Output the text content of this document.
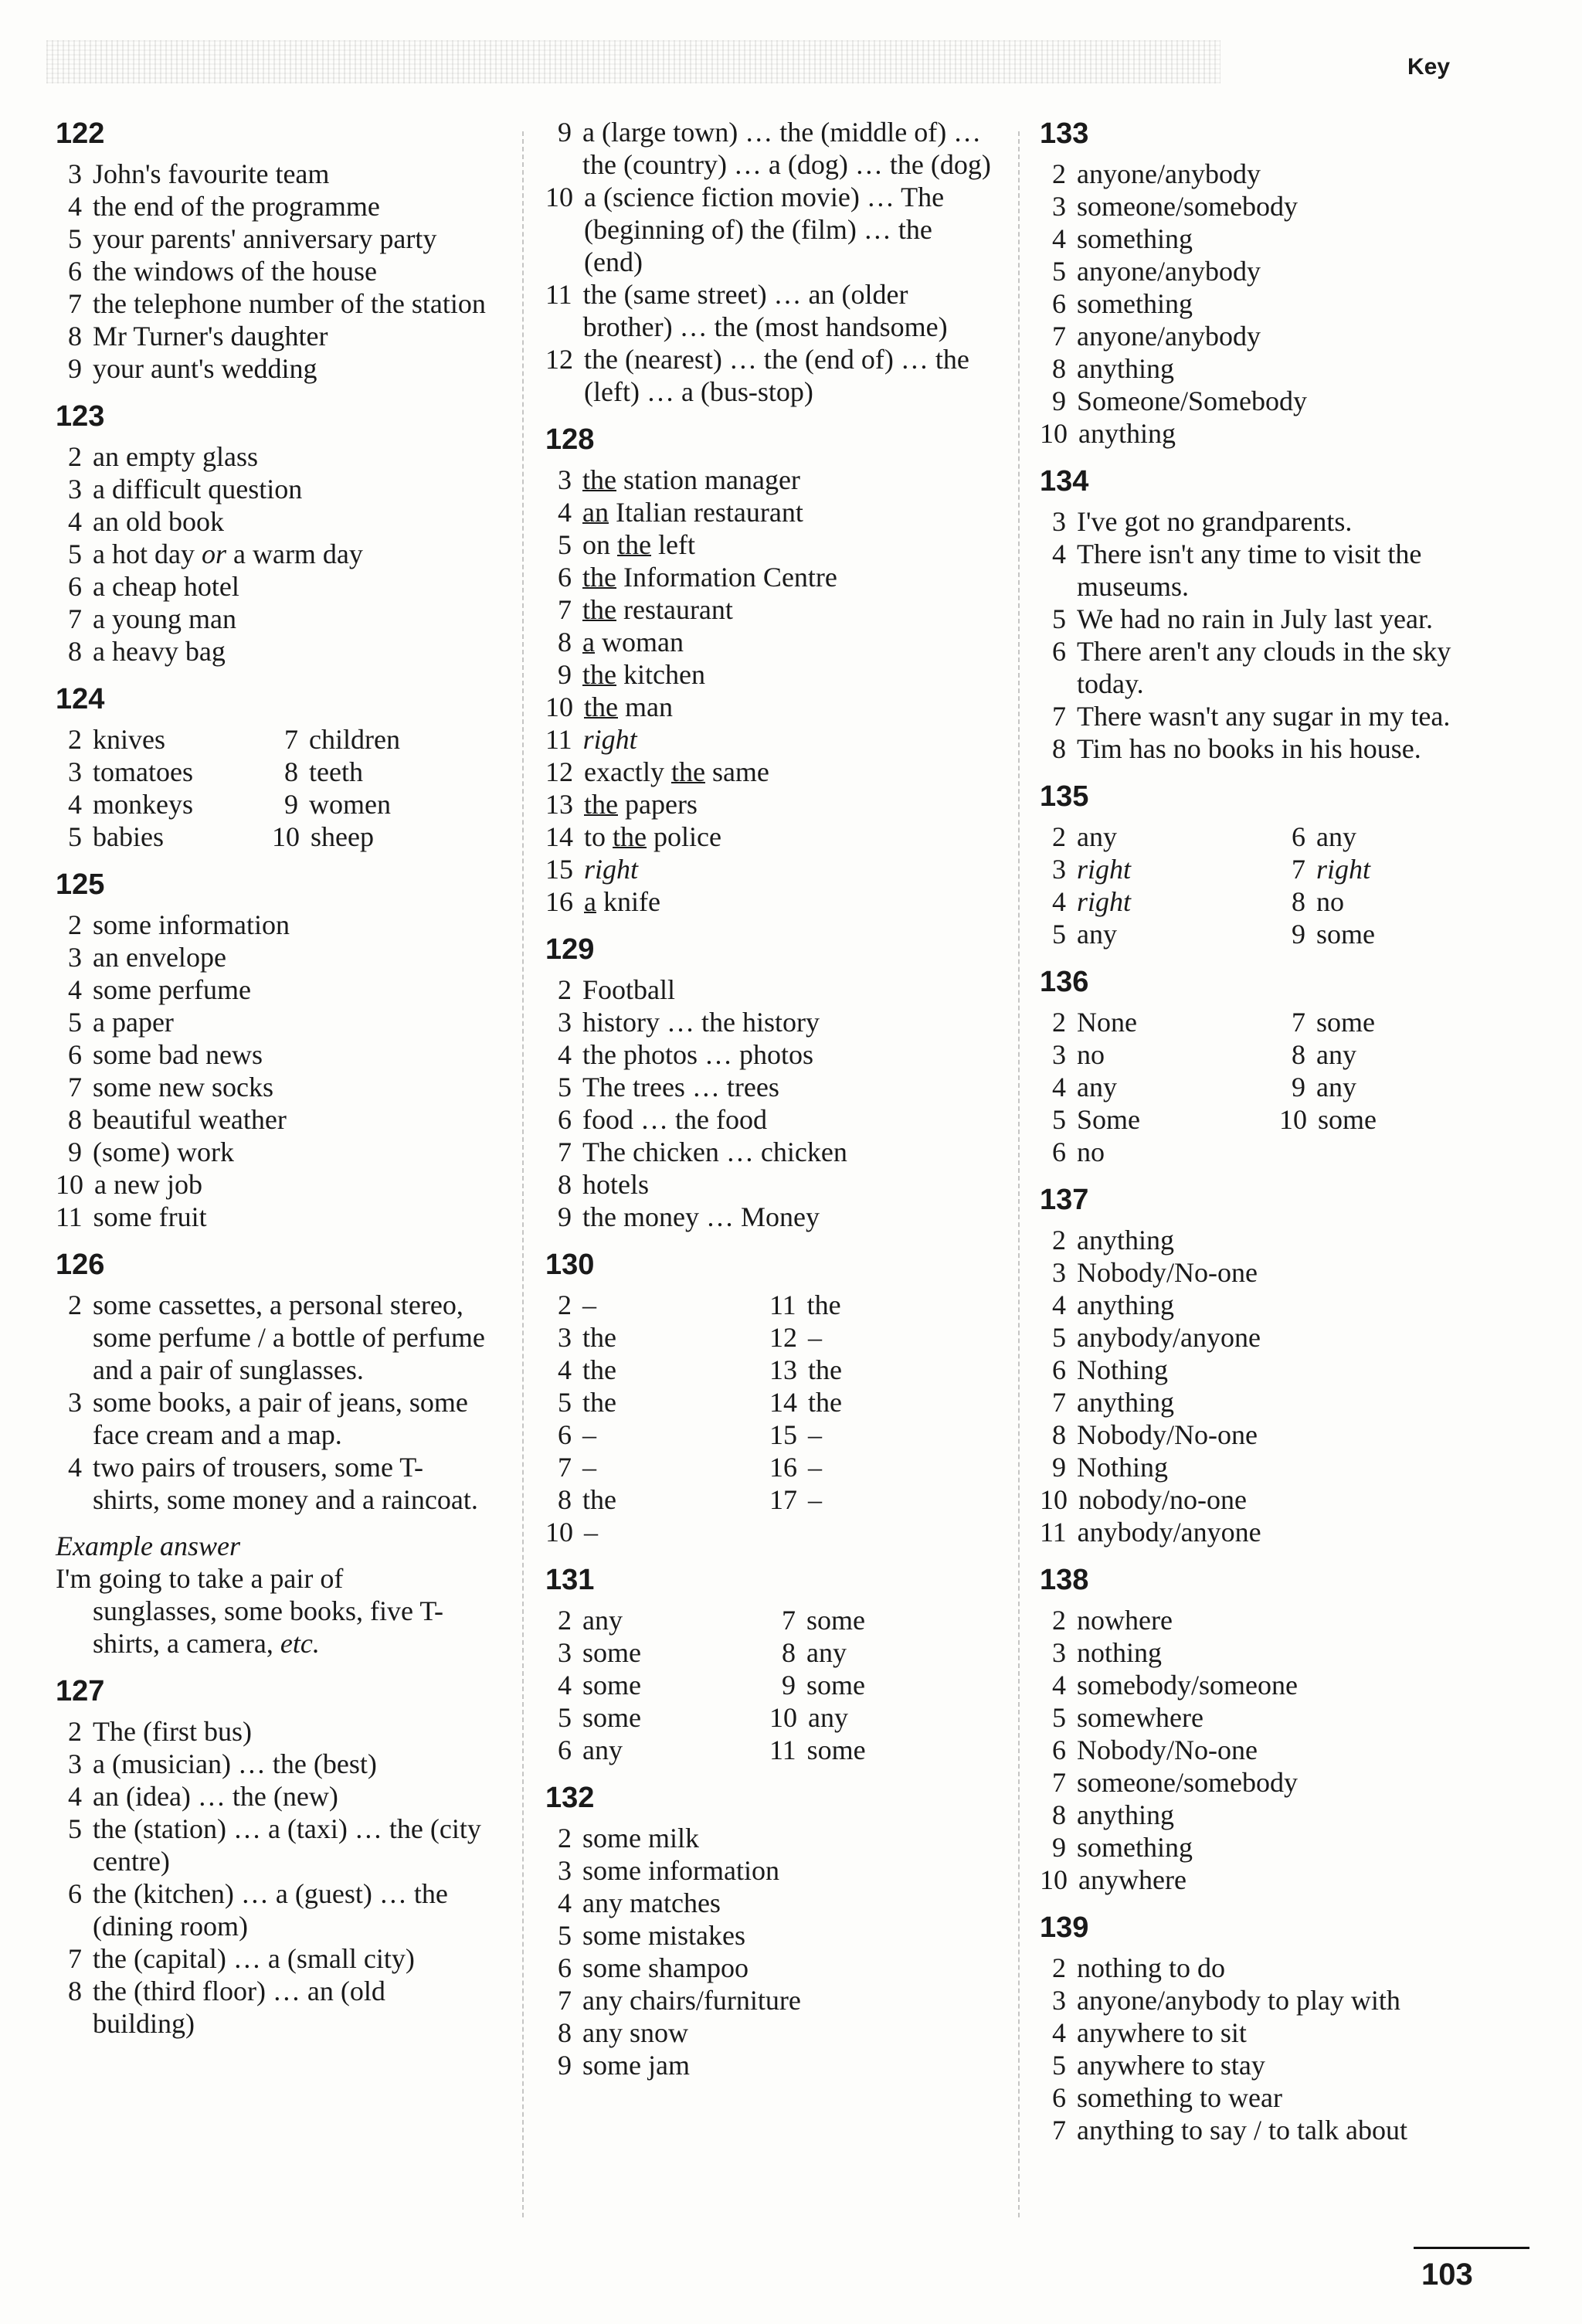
Key
122
3 John's favourite team
4 the end of the programme
5 your parents' anniversary party
6 the windows of the house
7 the telephone number of the station
8 Mr Turner's daughter
9 your aunt's wedding
123
2 an empty glass
3 a difficult question
4 an old book
5 a hot day or a warm day
6 a cheap hotel
7 a young man
8 a heavy bag
124
2 knives	7 children
3 tomatoes	8 teeth
4 monkeys	9 women
5 babies	10 sheep
125
2 some information
3 an envelope
4 some perfume
5 a paper
6 some bad news
7 some new socks
8 beautiful weather
9 (some) work
10 a new job
11 some fruit
126
2 some cassettes, a personal stereo, some perfume / a bottle of perfume and a pair of sunglasses.
3 some books, a pair of jeans, some face cream and a map.
4 two pairs of trousers, some T-shirts, some money and a raincoat.
Example answer
I'm going to take a pair of
sunglasses, some books, five T-shirts, a camera, etc.
127
2 The (first bus)
3 a (musician) … the (best)
4 an (idea) … the (new)
5 the (station) … a (taxi) … the (city centre)
6 the (kitchen) … a (guest) … the (dining room)
7 the (capital) … a (small city)
8 the (third floor) … an (old building)
9 a (large town) … the (middle of) … the (country) … a (dog) … the (dog)
10 a (science fiction movie) … The (beginning of) the (film) … the (end)
11 the (same street) … an (older brother) … the (most handsome)
12 the (nearest) … the (end of) … the (left) … a (bus-stop)
128
3 the station manager
4 an Italian restaurant
5 on the left
6 the Information Centre
7 the restaurant
8 a woman
9 the kitchen
10 the man
11 right
12 exactly the same
13 the papers
14 to the police
15 right
16 a knife
129
2 Football
3 history … the history
4 the photos … photos
5 The trees … trees
6 food … the food
7 The chicken … chicken
8 hotels
9 the money … Money
130
2 –	11 the
3 the	12 –
4 the	13 the
5 the	14 the
6 –	15 –
7 –	16 –
8 the	17 –
10 –
131
2 any	7 some
3 some	8 any
4 some	9 some
5 some	10 any
6 any	11 some
132
2 some milk
3 some information
4 any matches
5 some mistakes
6 some shampoo
7 any chairs/furniture
8 any snow
9 some jam
133
2 anyone/anybody
3 someone/somebody
4 something
5 anyone/anybody
6 something
7 anyone/anybody
8 anything
9 Someone/Somebody
10 anything
134
3 I've got no grandparents.
4 There isn't any time to visit the museums.
5 We had no rain in July last year.
6 There aren't any clouds in the sky today.
7 There wasn't any sugar in my tea.
8 Tim has no books in his house.
135
2 any	6 any
3 right	7 right
4 right	8 no
5 any	9 some
136
2 None	7 some
3 no	8 any
4 any	9 any
5 Some	10 some
6 no
137
2 anything
3 Nobody/No-one
4 anything
5 anybody/anyone
6 Nothing
7 anything
8 Nobody/No-one
9 Nothing
10 nobody/no-one
11 anybody/anyone
138
2 nowhere
3 nothing
4 somebody/someone
5 somewhere
6 Nobody/No-one
7 someone/somebody
8 anything
9 something
10 anywhere
139
2 nothing to do
3 anyone/anybody to play with
4 anywhere to sit
5 anywhere to stay
6 something to wear
7 anything to say / to talk about
103
